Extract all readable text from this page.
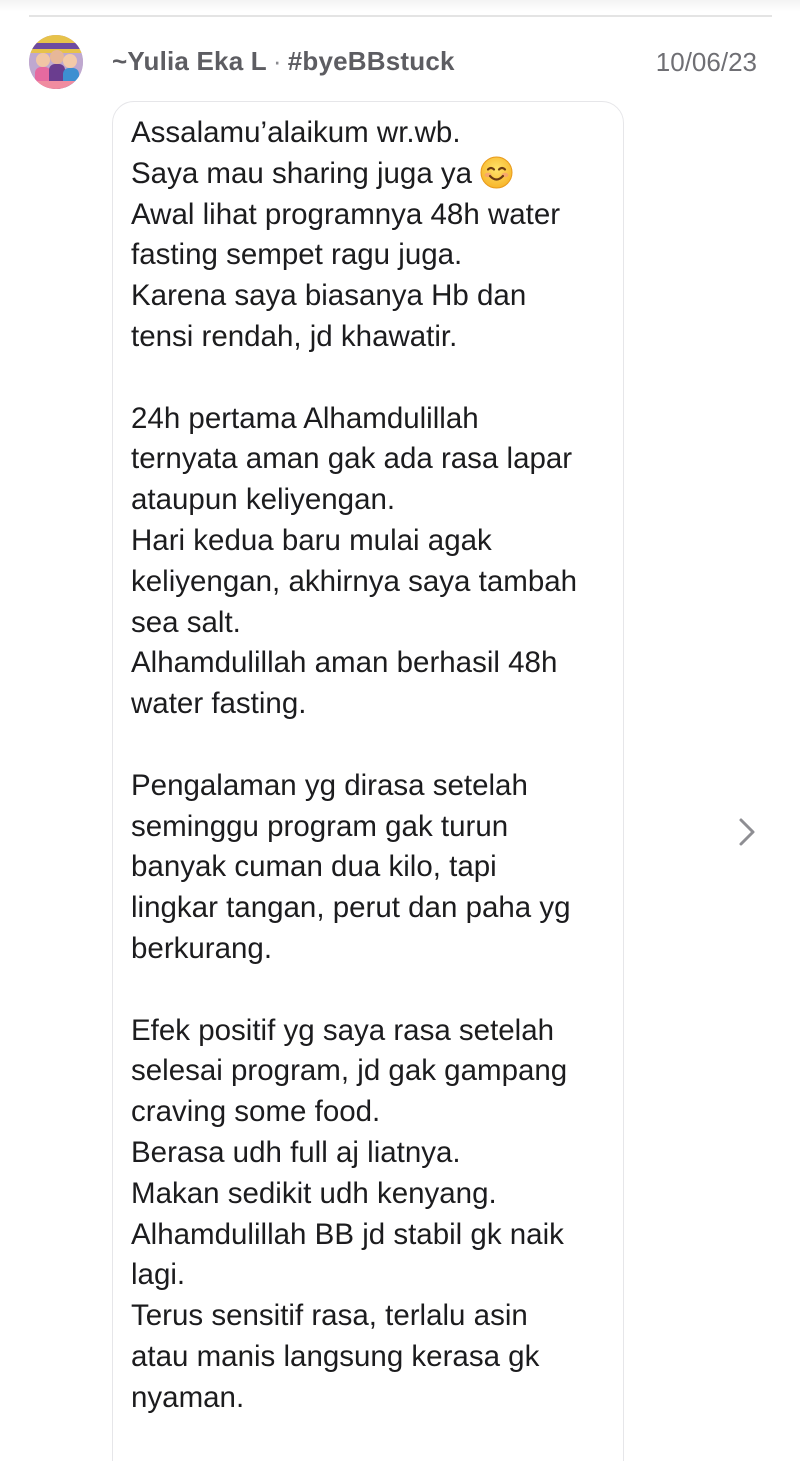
~Yulia Eka L · #byeBBstuck	10/06/23
Assalamu’alaikum wr.wb.
Saya mau sharing juga ya
Awal lihat programnya 48h water
fasting sempet ragu juga.
Karena saya biasanya Hb dan
tensi rendah, jd khawatir.

24h pertama Alhamdulillah
ternyata aman gak ada rasa lapar
ataupun keliyengan.
Hari kedua baru mulai agak
keliyengan, akhirnya saya tambah
sea salt.
Alhamdulillah aman berhasil 48h
water fasting.

Pengalaman yg dirasa setelah
seminggu program gak turun
banyak cuman dua kilo, tapi
lingkar tangan, perut dan paha yg
berkurang.

Efek positif yg saya rasa setelah
selesai program, jd gak gampang
craving some food.
Berasa udh full aj liatnya.
Makan sedikit udh kenyang.
Alhamdulillah BB jd stabil gk naik
lagi.
Terus sensitif rasa, terlalu asin
atau manis langsung kerasa gk
nyaman.
